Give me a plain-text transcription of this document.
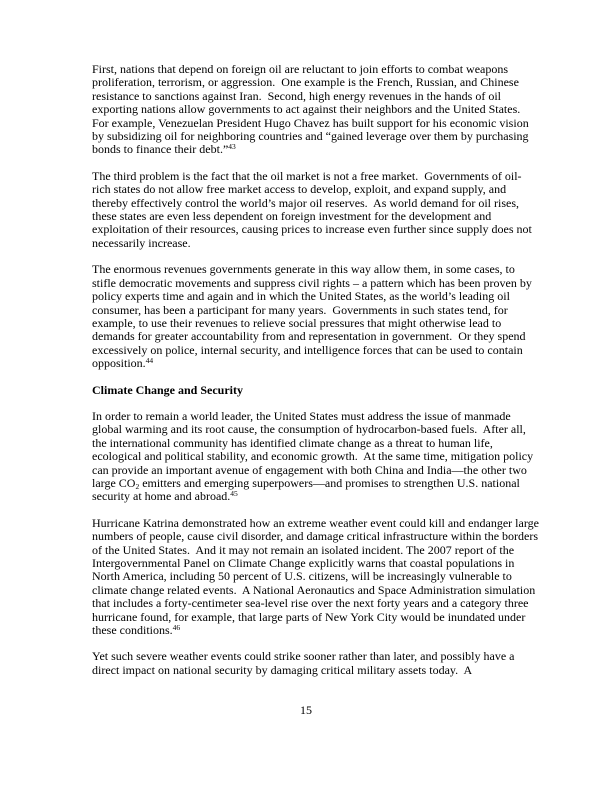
First, nations that depend on foreign oil are reluctant to join efforts to combat weapons proliferation, terrorism, or aggression.  One example is the French, Russian, and Chinese resistance to sanctions against Iran.  Second, high energy revenues in the hands of oil exporting nations allow governments to act against their neighbors and the United States.  For example, Venezuelan President Hugo Chavez has built support for his economic vision by subsidizing oil for neighboring countries and “gained leverage over them by purchasing bonds to finance their debt.”$^{43}$

The third problem is the fact that the oil market is not a free market.  Governments of oil-rich states do not allow free market access to develop, exploit, and expand supply, and thereby effectively control the world’s major oil reserves.  As world demand for oil rises, these states are even less dependent on foreign investment for the development and exploitation of their resources, causing prices to increase even further since supply does not necessarily increase.

The enormous revenues governments generate in this way allow them, in some cases, to stifle democratic movements and suppress civil rights – a pattern which has been proven by policy experts time and again and in which the United States, as the world’s leading oil consumer, has been a participant for many years.  Governments in such states tend, for example, to use their revenues to relieve social pressures that might otherwise lead to demands for greater accountability from and representation in government.  Or they spend excessively on police, internal security, and intelligence forces that can be used to contain opposition.$^{44}$

Climate Change and Security

In order to remain a world leader, the United States must address the issue of manmade global warming and its root cause, the consumption of hydrocarbon-based fuels.  After all, the international community has identified climate change as a threat to human life, ecological and political stability, and economic growth.  At the same time, mitigation policy can provide an important avenue of engagement with both China and India—the other two large $CO_2$ emitters and emerging superpowers—and promises to strengthen U.S. national security at home and abroad.$^{45}$

Hurricane Katrina demonstrated how an extreme weather event could kill and endanger large numbers of people, cause civil disorder, and damage critical infrastructure within the borders of the United States.  And it may not remain an isolated incident. The 2007 report of the Intergovernmental Panel on Climate Change explicitly warns that coastal populations in North America, including 50 percent of U.S. citizens, will be increasingly vulnerable to climate change related events.  A National Aeronautics and Space Administration simulation that includes a forty-centimeter sea-level rise over the next forty years and a category three hurricane found, for example, that large parts of New York City would be inundated under these conditions.$^{46}$

Yet such severe weather events could strike sooner rather than later, and possibly have a direct impact on national security by damaging critical military assets today.  A

15
